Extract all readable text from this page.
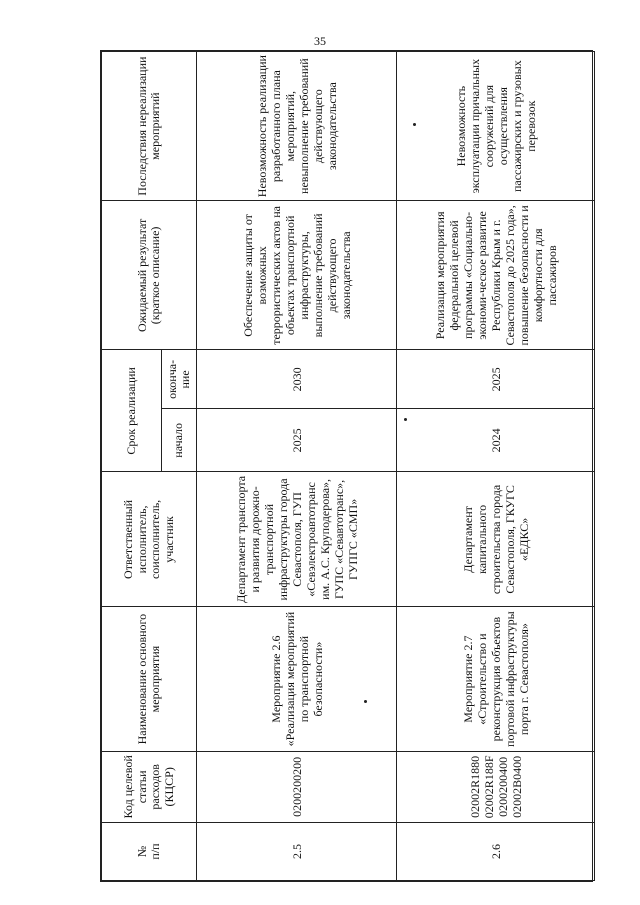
35
№
п/п	Код целевой статьи расходов (КЦСР)	Наименование основного мероприятия	Ответственный исполнитель, соисполнитель, участник	Срок реализации		Ожидаемый результат (краткое описание)	Последствия нереализации мероприятий
				начало	оконча-
ние		
2.5	0200200200	Мероприятие 2.6 «Реализация мероприятий по транспортной безопасности»	Департамент транспорта и развития дорожно-транспортной инфраструктуры города Севастополя, ГУП «Севэлектроавтотранс им. А.С. Круподерова», ГУПС «Севавтотранс», ГУПГС «СМП»	2025	2030	Обеспечение защиты от возможных террористических актов на объектах транспортной инфраструктуры, выполнение требований действующего законодательства	Невозможность реализации разработанного плана мероприятий, невыполнение требований действующего законодательства
2.6	02002R1880 02002R188F 0200200400 02002B0400	Мероприятие 2.7 «Строительство и реконструкция объектов портовой инфраструктуры порта г. Севастополя»	Департамент капитального строительства города Севастополя, ГКУГС «ЕДКС»	2024	2025	Реализация мероприятия федеральной целевой программы «Социально-экономи-ческое развитие Республики Крым и г. Севастополя до 2025 года», повышение безопасности и комфортности для пассажиров	Невозможность эксплуатации причальных сооружений для осуществления пассажирских и грузовых перевозок
